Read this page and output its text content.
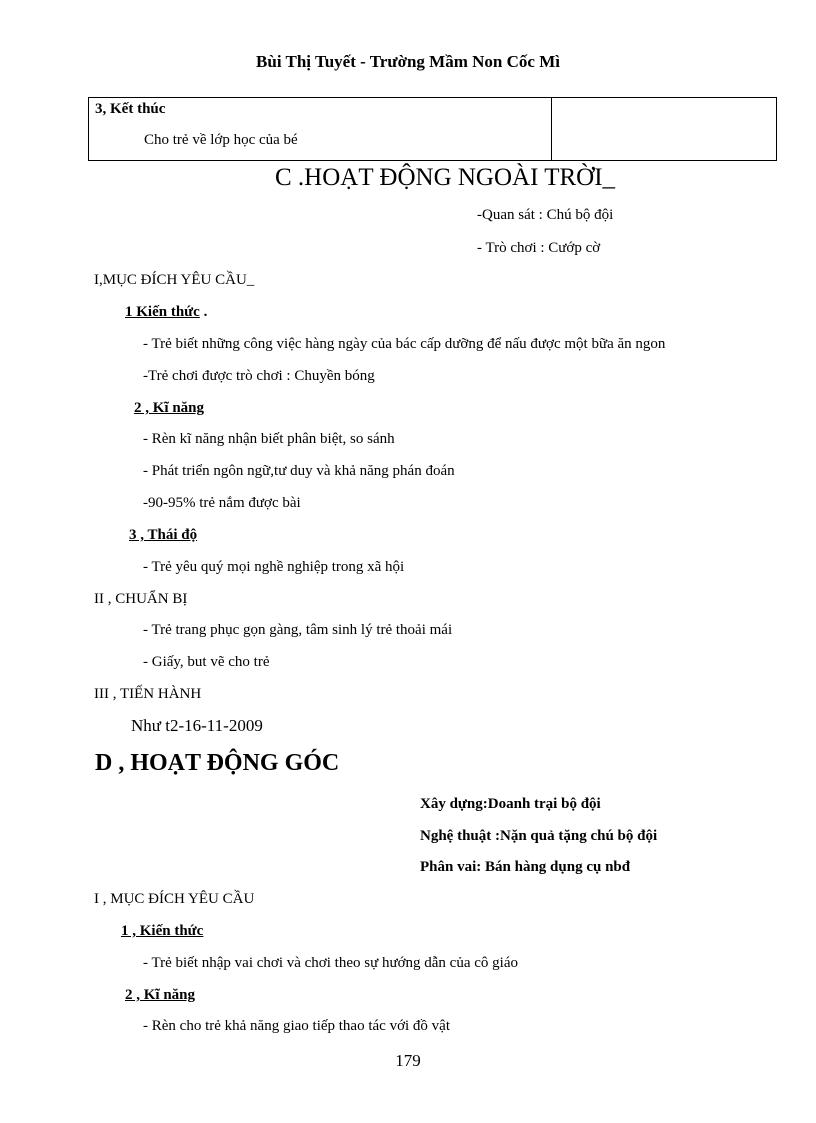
Bùi Thị Tuyết - Trường Mầm Non Cốc Mì
3, Kết thúc
Cho trẻ về lớp học của bé
C .HOẠT ĐỘNG NGOÀI TRỜI_
-Quan sát : Chú bộ đội
- Trò chơi : Cướp cờ
I,MỤC ĐÍCH YÊU CẦU_
1 Kiến thức .
- Trẻ biết những công việc hàng ngày của bác cấp dưỡng để nấu được một bữa ăn ngon
-Trẻ chơi được trò chơi : Chuyền bóng
2 , Kĩ năng
- Rèn kĩ năng nhận biết phân biệt, so sánh
- Phát triển ngôn ngữ,tư duy và khả năng phán đoán
-90-95% trẻ nắm được bài
3 , Thái độ
- Trẻ yêu quý mọi nghề nghiệp trong xã hội
II , CHUẨN BỊ
- Trẻ trang phục gọn gàng, tâm sinh lý trẻ thoải mái
- Giấy, but vẽ cho trẻ
III , TIẾN HÀNH
Như t2-16-11-2009
D , HOẠT ĐỘNG GÓC
Xây dựng:Doanh trại bộ đội
Nghệ thuật :Nặn quả tặng chú bộ đội
Phân vai: Bán hàng dụng cụ nbđ
I , MỤC ĐÍCH YÊU CẦU
1 , Kiến thức
- Trẻ biết nhập vai chơi và chơi theo sự hướng dẫn của cô giáo
2 , Kĩ năng
- Rèn cho trẻ khả năng giao tiếp thao tác với đồ vật
179
